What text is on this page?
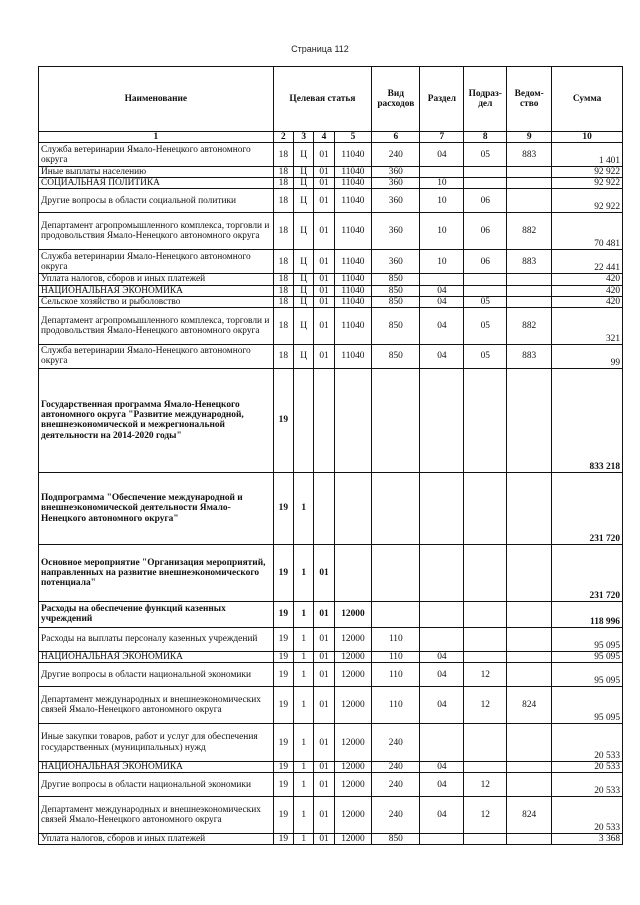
Страница 112
Наименование	Целевая статья				Вид расходов	Раздел	Подраз-дел	Ведом-ство	Сумма
1	2	3	4	5	6	7	8	9	10
Служба ветеринарии Ямало-Ненецкого автономного округа	18	Ц	01	11040	240	04	05	883	1 401
Иные выплаты населению	18	Ц	01	11040	360				92 922
СОЦИАЛЬНАЯ ПОЛИТИКА	18	Ц	01	11040	360	10			92 922
Другие вопросы в области социальной политики	18	Ц	01	11040	360	10	06		92 922
Департамент агропромышленного комплекса, торговли и продовольствия Ямало-Ненецкого автономного округа	18	Ц	01	11040	360	10	06	882	70 481
Служба ветеринарии Ямало-Ненецкого автономного округа	18	Ц	01	11040	360	10	06	883	22 441
Уплата налогов, сборов и иных платежей	18	Ц	01	11040	850				420
НАЦИОНАЛЬНАЯ ЭКОНОМИКА	18	Ц	01	11040	850	04			420
Сельское хозяйство и рыболовство	18	Ц	01	11040	850	04	05		420
Департамент агропромышленного комплекса, торговли и продовольствия Ямало-Ненецкого автономного округа	18	Ц	01	11040	850	04	05	882	321
Служба ветеринарии Ямало-Ненецкого автономного округа	18	Ц	01	11040	850	04	05	883	99
Государственная программа Ямало-Ненецкого автономного округа "Развитие международной, внешнеэкономической и межрегиональной деятельности на 2014-2020 годы"	19								833 218
Подпрограмма "Обеспечение международной и внешнеэкономической деятельности Ямало-Ненецкого автономного округа"	19	1							231 720
Основное мероприятие "Организация мероприятий, направленных на развитие внешнеэкономического потенциала"	19	1	01						231 720
Расходы на обеспечение функций казенных учреждений	19	1	01	12000					118 996
Расходы на выплаты персоналу казенных учреждений	19	1	01	12000	110				95 095
НАЦИОНАЛЬНАЯ ЭКОНОМИКА	19	1	01	12000	110	04			95 095
Другие вопросы в области национальной экономики	19	1	01	12000	110	04	12		95 095
Департамент международных и внешнеэкономических связей Ямало-Ненецкого автономного округа	19	1	01	12000	110	04	12	824	95 095
Иные закупки товаров, работ и услуг для обеспечения государственных (муниципальных) нужд	19	1	01	12000	240				20 533
НАЦИОНАЛЬНАЯ ЭКОНОМИКА	19	1	01	12000	240	04			20 533
Другие вопросы в области национальной экономики	19	1	01	12000	240	04	12		20 533
Департамент международных и внешнеэкономических связей Ямало-Ненецкого автономного округа	19	1	01	12000	240	04	12	824	20 533
Уплата налогов, сборов и иных платежей	19	1	01	12000	850				3 368
